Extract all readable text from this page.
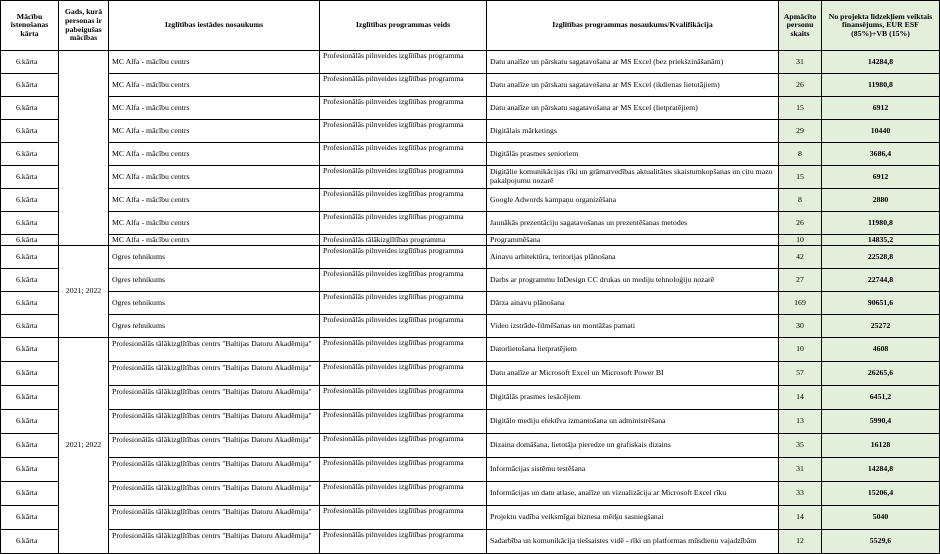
Mācību īstenošanas kārta	Gads, kurā personas ir pabeigušas mācības	Izglītības iestādes nosaukums	Izglītības programmas veids	Izglītības programmas nosaukums/Kvalifikācija	Apmācīto personu skaits	No projekta līdzekļiem veiktais finansējums, EUR ESF (85%)+VB (15%)
6.kārta		MC Alfa - mācību centrs	Profesionālās pilnveides izglītības programma	Datu analīze un pārskatu sagatavošana ar MS Excel (bez priekšzināšanām)	31	14284,8
6.kārta		MC Alfa - mācību centrs	Profesionālās pilnveides izglītības programma	Datu analīze un pārskatu sagatavošana ar MS Excel (ikdienas lietotājiem)	26	11980,8
6.kārta		MC Alfa - mācību centrs	Profesionālās pilnveides izglītības programma	Datu analīze un pārskatu sagatavošana ar MS Excel (lietpratējiem)	15	6912
6.kārta		MC Alfa - mācību centrs	Profesionālās pilnveides izglītības programma	Digitālais mārketings	29	10440
6.kārta		MC Alfa - mācību centrs	Profesionālās pilnveides izglītības programma	Digitālās prasmes senioriem	8	3686,4
6.kārta		MC Alfa - mācību centrs	Profesionālās pilnveides izglītības programma	Digitālie komunikācijas rīki un grāmatvedības aktualitātes skaistumkopšanas un citu mazo pakalpojumu nozarē	15	6912
6.kārta		MC Alfa - mācību centrs	Profesionālās pilnveides izglītības programma	Google Adwords kampaņu organizēšana	8	2880
6.kārta		MC Alfa - mācību centrs	Profesionālās pilnveides izglītības programma	Jaunākās prezentāciju sagatavošanas un prezentēšanas metodes	26	11980,8
6.kārta		MC Alfa - mācību centrs	Profesionālās tālākizglītības programma	Programmēšana	10	14835,2
6.kārta	2021; 2022	Ogres tehnikums	Profesionālās pilnveides izglītības programma	Ainavu arhitektūra, teritorijas plānošana	42	22528,8
6.kārta		Ogres tehnikums	Profesionālās pilnveides izglītības programma	Darbs ar programmu InDesign CC drukas un mediju tehnoloģiju nozarē	27	22744,8
6.kārta		Ogres tehnikums	Profesionālās pilnveides izglītības programma	Dārza ainavu plānošana	169	90651,6
6.kārta		Ogres tehnikums	Profesionālās pilnveides izglītības programma	Video izstrāde-filmēšanas un montāžas pamati	30	25272
6.kārta	2021; 2022	Profesionālās tālākizglītības centrs "Baltijas Datoru Akadēmija"	Profesionālās pilnveides izglītības programma	Datorlietošana lietpratējiem	10	4608
6.kārta		Profesionālās tālākizglītības centrs "Baltijas Datoru Akadēmija"	Profesionālās pilnveides izglītības programma	Datu analīze ar Microsoft Excel un Microsoft Power BI	57	26265,6
6.kārta		Profesionālās tālākizglītības centrs "Baltijas Datoru Akadēmija"	Profesionālās pilnveides izglītības programma	Digitālās prasmes iesācējiem	14	6451,2
6.kārta		Profesionālās tālākizglītības centrs "Baltijas Datoru Akadēmija"	Profesionālās pilnveides izglītības programma	Digitālo mediju efektīva izmantošana un administrēšana	13	5990,4
6.kārta		Profesionālās tālākizglītības centrs "Baltijas Datoru Akadēmija"	Profesionālās pilnveides izglītības programma	Dizaina domāšana, lietotāja pieredze un grafiskais dizains	35	16128
6.kārta		Profesionālās tālākizglītības centrs "Baltijas Datoru Akadēmija"	Profesionālās pilnveides izglītības programma	Informācijas sistēmu testēšana	31	14284,8
6.kārta		Profesionālās tālākizglītības centrs "Baltijas Datoru Akadēmija"	Profesionālās pilnveides izglītības programma	Informācijas un datu atlase, analīze un vizualizācija ar Microsoft Excel rīku	33	15206,4
6.kārta		Profesionālās tālākizglītības centrs "Baltijas Datoru Akadēmija"	Profesionālās pilnveides izglītības programma	Projektu vadība veiksmīgai biznesa mērķu sasniegšanai	14	5040
6.kārta		Profesionālās tālākizglītības centrs "Baltijas Datoru Akadēmija"	Profesionālās pilnveides izglītības programma	Sadarbība un komunikācija tiešsaistes vidē - rīki un platformas mūsdienu vajadzībām	12	5529,6
